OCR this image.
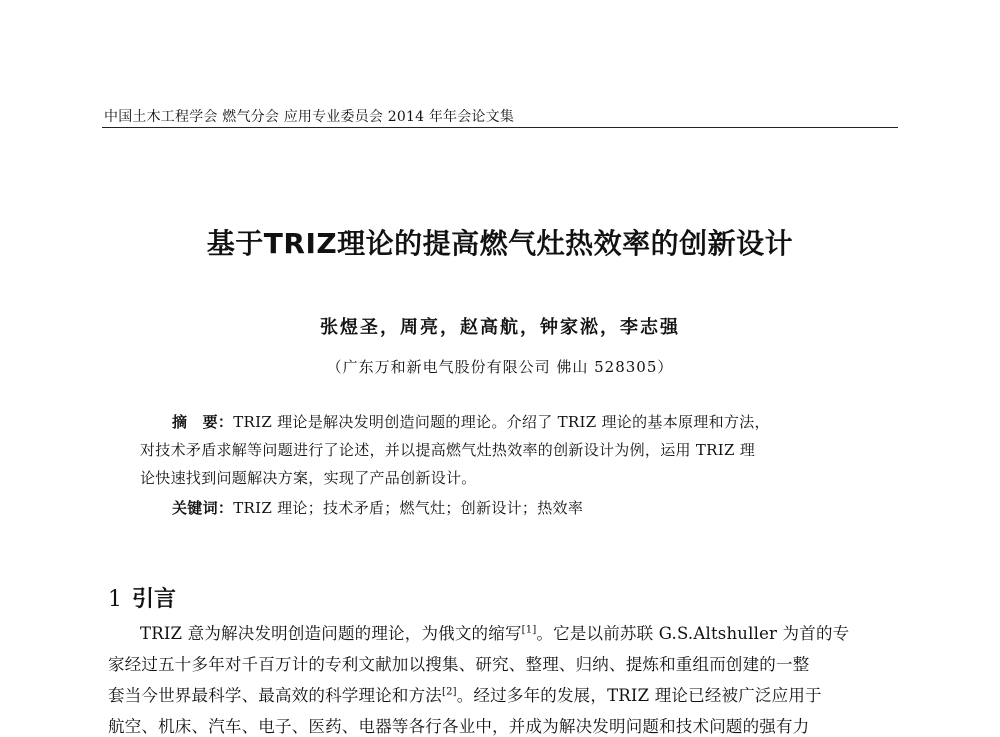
中国土木工程学会 燃气分会 应用专业委员会 2014 年年会论文集
基于TRIZ理论的提高燃气灶热效率的创新设计
张煜圣，周亮，赵高航，钟家淞，李志强
（广东万和新电气股份有限公司 佛山 528305）
摘　要：TRIZ 理论是解决发明创造问题的理论。介绍了 TRIZ 理论的基本原理和方法，
对技术矛盾求解等问题进行了论述，并以提高燃气灶热效率的创新设计为例，运用 TRIZ 理
论快速找到问题解决方案，实现了产品创新设计。
关键词：TRIZ 理论；技术矛盾；燃气灶；创新设计；热效率
1 引言
TRIZ 意为解决发明创造问题的理论，为俄文的缩写[1]。它是以前苏联 G.S.Altshuller 为首的专
家经过五十多年对千百万计的专利文献加以搜集、研究、整理、归纳、提炼和重组而创建的一整
套当今世界最科学、最高效的科学理论和方法[2]。经过多年的发展，TRIZ 理论已经被广泛应用于
航空、机床、汽车、电子、医药、电器等各行各业中，并成为解决发明问题和技术问题的强有力
